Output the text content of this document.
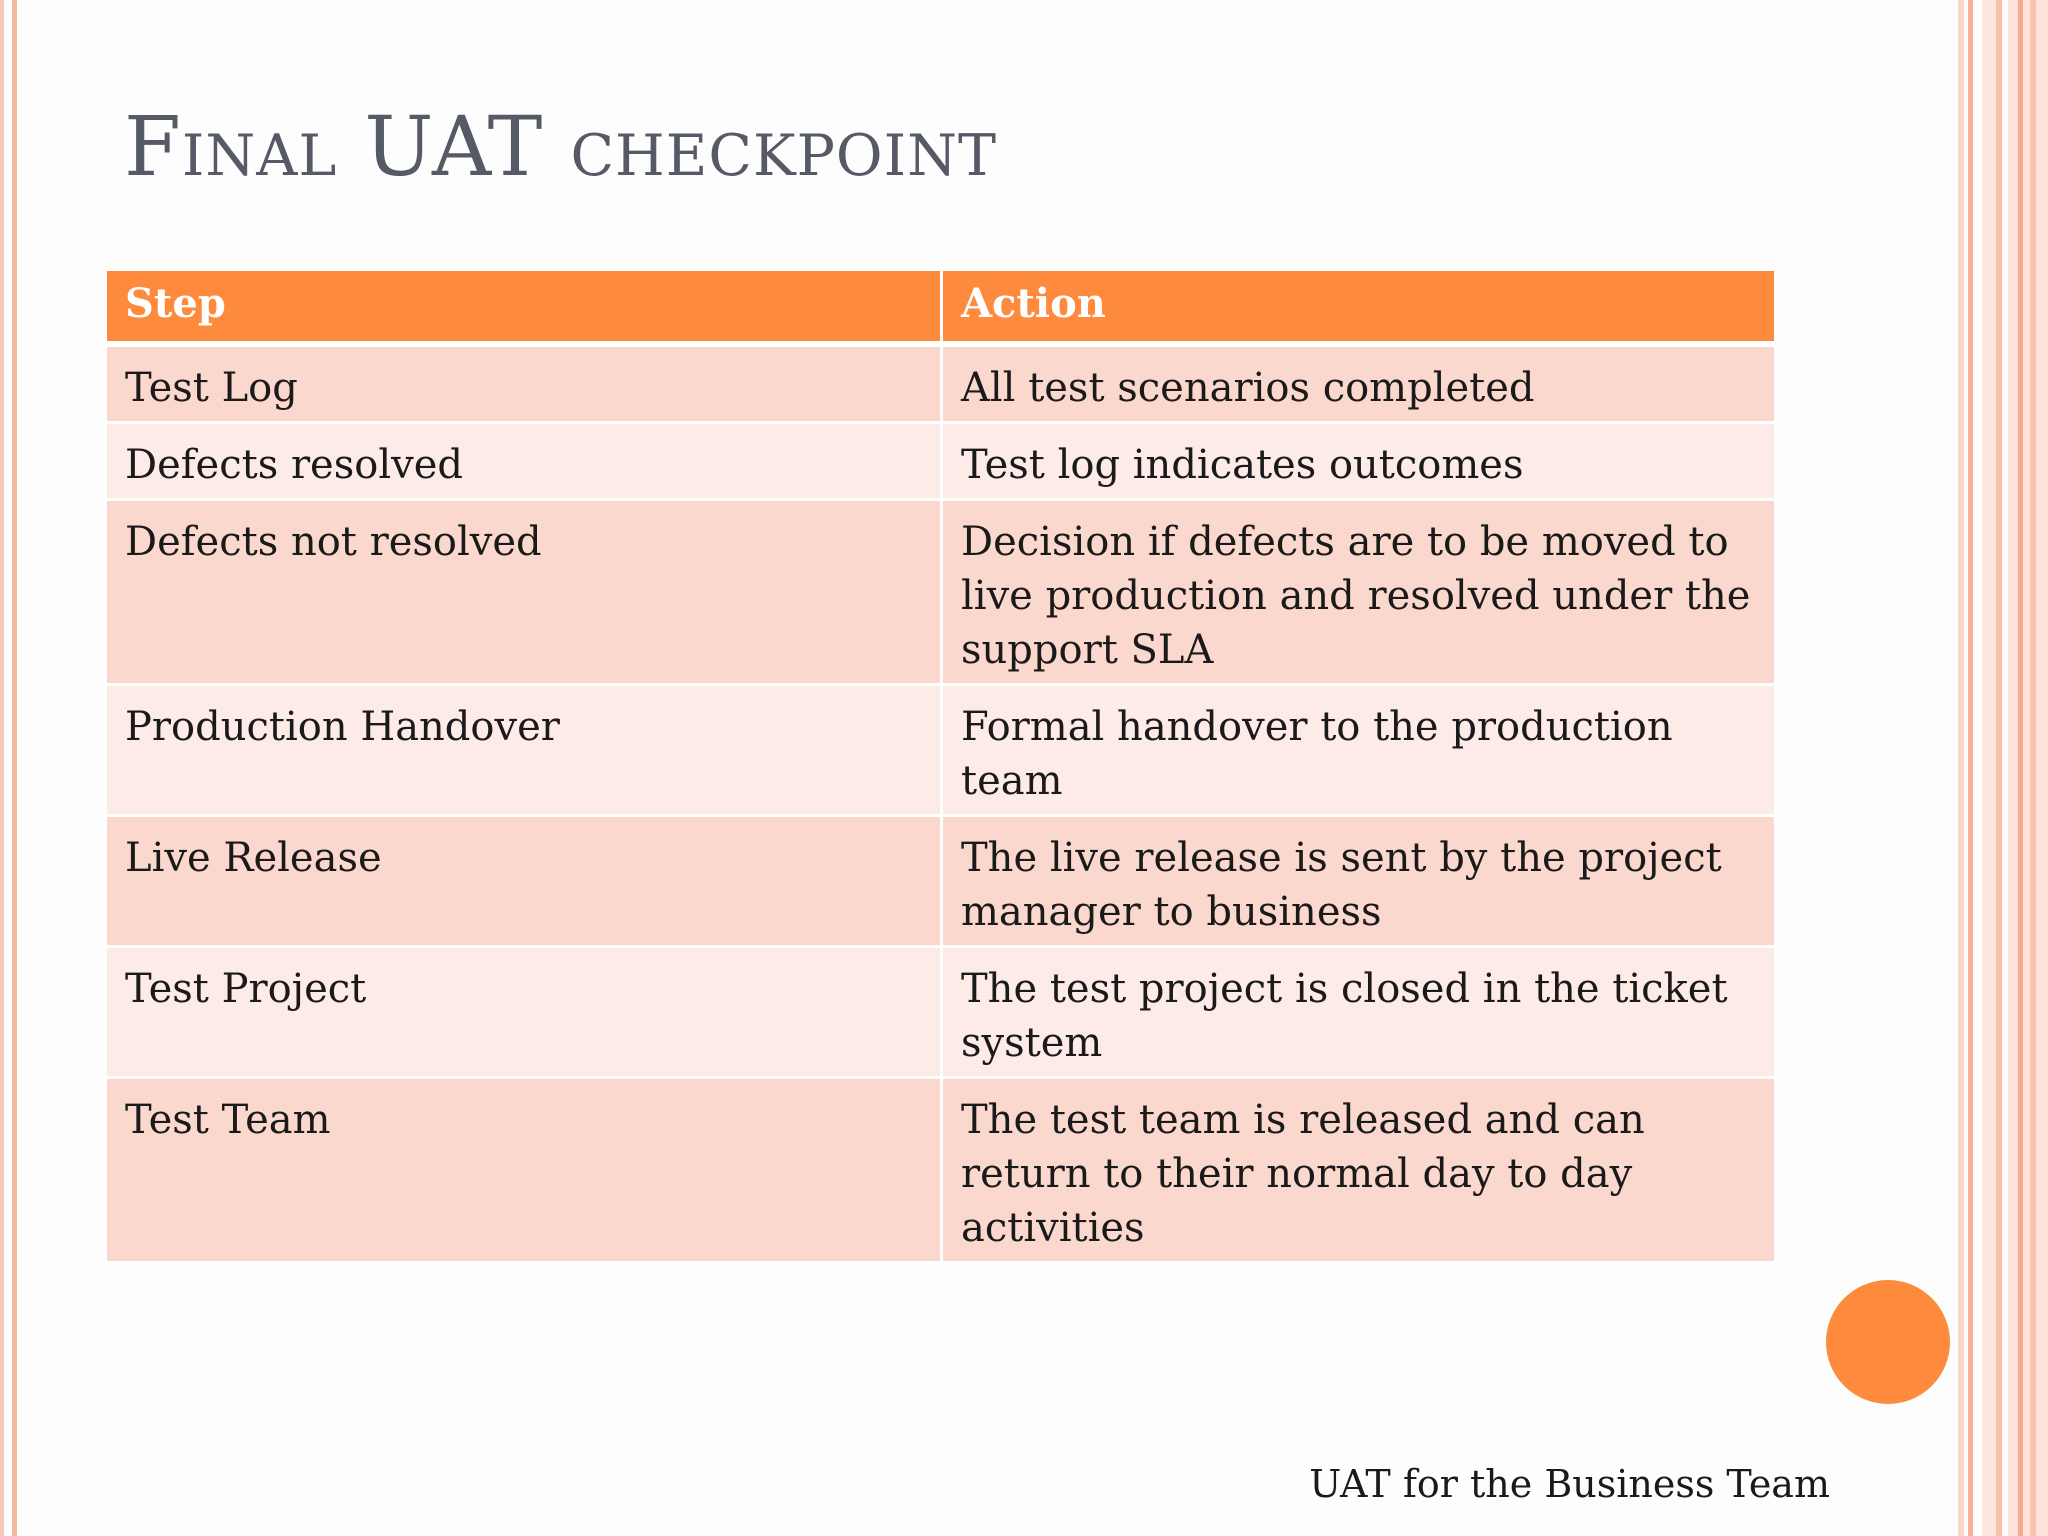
Final UAT checkpoint
Step	Action
Test Log	All test scenarios completed
Defects resolved	Test log indicates outcomes
Defects not resolved	Decision if defects are to be moved to live production and resolved under the support SLA
Production Handover	Formal handover to the production team
Live Release	The live release is sent by the project manager to business
Test Project	The test project is closed in the ticket system
Test Team	The test team is released and can return to their normal day to day activities
UAT for the Business Team
